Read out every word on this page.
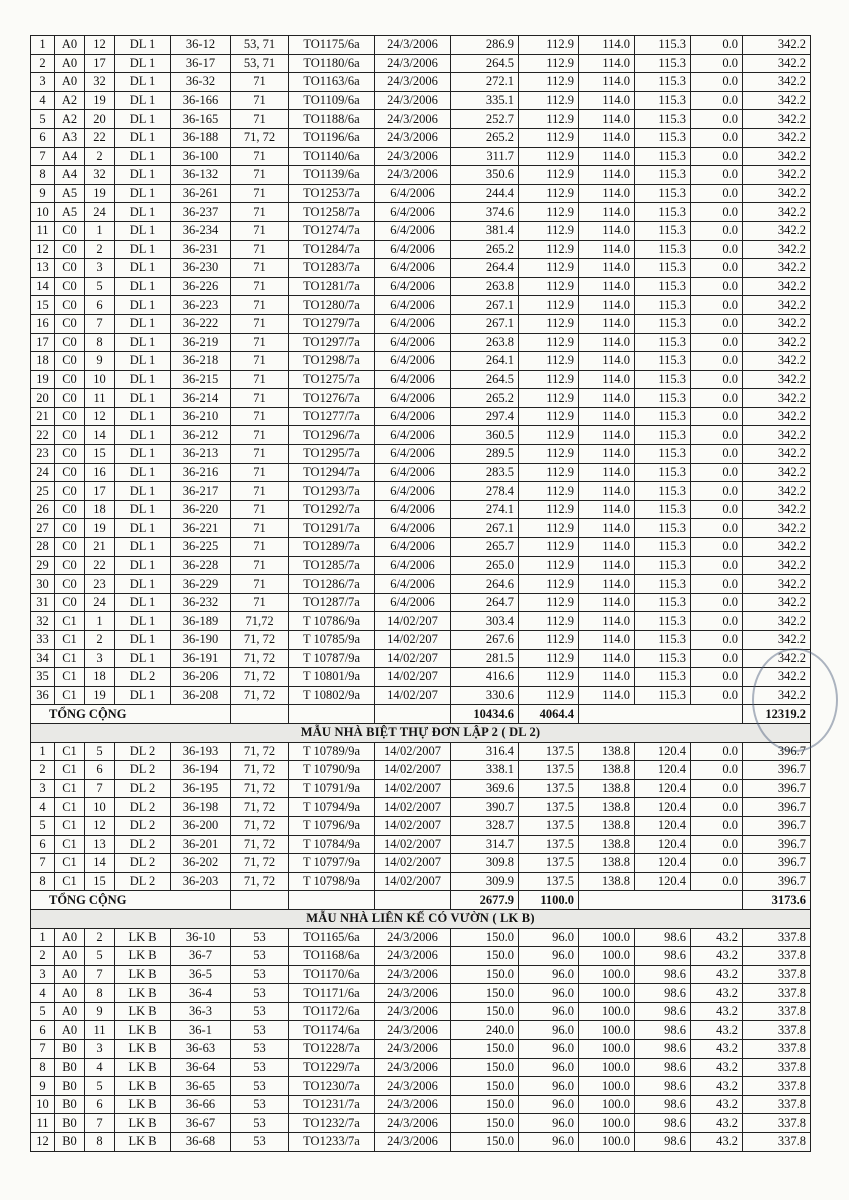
1	A0	12	DL 1	36-12	53, 71	TO1175/6a	24/3/2006	286.9	112.9	114.0	115.3	0.0	342.2
2	A0	17	DL 1	36-17	53, 71	TO1180/6a	24/3/2006	264.5	112.9	114.0	115.3	0.0	342.2
3	A0	32	DL 1	36-32	71	TO1163/6a	24/3/2006	272.1	112.9	114.0	115.3	0.0	342.2
4	A2	19	DL 1	36-166	71	TO1109/6a	24/3/2006	335.1	112.9	114.0	115.3	0.0	342.2
5	A2	20	DL 1	36-165	71	TO1188/6a	24/3/2006	252.7	112.9	114.0	115.3	0.0	342.2
6	A3	22	DL 1	36-188	71, 72	TO1196/6a	24/3/2006	265.2	112.9	114.0	115.3	0.0	342.2
7	A4	2	DL 1	36-100	71	TO1140/6a	24/3/2006	311.7	112.9	114.0	115.3	0.0	342.2
8	A4	32	DL 1	36-132	71	TO1139/6a	24/3/2006	350.6	112.9	114.0	115.3	0.0	342.2
9	A5	19	DL 1	36-261	71	TO1253/7a	6/4/2006	244.4	112.9	114.0	115.3	0.0	342.2
10	A5	24	DL 1	36-237	71	TO1258/7a	6/4/2006	374.6	112.9	114.0	115.3	0.0	342.2
11	C0	1	DL 1	36-234	71	TO1274/7a	6/4/2006	381.4	112.9	114.0	115.3	0.0	342.2
12	C0	2	DL 1	36-231	71	TO1284/7a	6/4/2006	265.2	112.9	114.0	115.3	0.0	342.2
13	C0	3	DL 1	36-230	71	TO1283/7a	6/4/2006	264.4	112.9	114.0	115.3	0.0	342.2
14	C0	5	DL 1	36-226	71	TO1281/7a	6/4/2006	263.8	112.9	114.0	115.3	0.0	342.2
15	C0	6	DL 1	36-223	71	TO1280/7a	6/4/2006	267.1	112.9	114.0	115.3	0.0	342.2
16	C0	7	DL 1	36-222	71	TO1279/7a	6/4/2006	267.1	112.9	114.0	115.3	0.0	342.2
17	C0	8	DL 1	36-219	71	TO1297/7a	6/4/2006	263.8	112.9	114.0	115.3	0.0	342.2
18	C0	9	DL 1	36-218	71	TO1298/7a	6/4/2006	264.1	112.9	114.0	115.3	0.0	342.2
19	C0	10	DL 1	36-215	71	TO1275/7a	6/4/2006	264.5	112.9	114.0	115.3	0.0	342.2
20	C0	11	DL 1	36-214	71	TO1276/7a	6/4/2006	265.2	112.9	114.0	115.3	0.0	342.2
21	C0	12	DL 1	36-210	71	TO1277/7a	6/4/2006	297.4	112.9	114.0	115.3	0.0	342.2
22	C0	14	DL 1	36-212	71	TO1296/7a	6/4/2006	360.5	112.9	114.0	115.3	0.0	342.2
23	C0	15	DL 1	36-213	71	TO1295/7a	6/4/2006	289.5	112.9	114.0	115.3	0.0	342.2
24	C0	16	DL 1	36-216	71	TO1294/7a	6/4/2006	283.5	112.9	114.0	115.3	0.0	342.2
25	C0	17	DL 1	36-217	71	TO1293/7a	6/4/2006	278.4	112.9	114.0	115.3	0.0	342.2
26	C0	18	DL 1	36-220	71	TO1292/7a	6/4/2006	274.1	112.9	114.0	115.3	0.0	342.2
27	C0	19	DL 1	36-221	71	TO1291/7a	6/4/2006	267.1	112.9	114.0	115.3	0.0	342.2
28	C0	21	DL 1	36-225	71	TO1289/7a	6/4/2006	265.7	112.9	114.0	115.3	0.0	342.2
29	C0	22	DL 1	36-228	71	TO1285/7a	6/4/2006	265.0	112.9	114.0	115.3	0.0	342.2
30	C0	23	DL 1	36-229	71	TO1286/7a	6/4/2006	264.6	112.9	114.0	115.3	0.0	342.2
31	C0	24	DL 1	36-232	71	TO1287/7a	6/4/2006	264.7	112.9	114.0	115.3	0.0	342.2
32	C1	1	DL 1	36-189	71,72	T 10786/9a	14/02/207	303.4	112.9	114.0	115.3	0.0	342.2
33	C1	2	DL 1	36-190	71, 72	T 10785/9a	14/02/207	267.6	112.9	114.0	115.3	0.0	342.2
34	C1	3	DL 1	36-191	71, 72	T 10787/9a	14/02/207	281.5	112.9	114.0	115.3	0.0	342.2
35	C1	18	DL 2	36-206	71, 72	T 10801/9a	14/02/207	416.6	112.9	114.0	115.3	0.0	342.2
36	C1	19	DL 1	36-208	71, 72	T 10802/9a	14/02/207	330.6	112.9	114.0	115.3	0.0	342.2
TỔNG CỘNG								10434.6	4064.4				12319.2
MẪU NHÀ BIỆT THỰ ĐƠN LẬP 2 ( DL 2)													
1	C1	5	DL 2	36-193	71, 72	T 10789/9a	14/02/2007	316.4	137.5	138.8	120.4	0.0	396.7
2	C1	6	DL 2	36-194	71, 72	T 10790/9a	14/02/2007	338.1	137.5	138.8	120.4	0.0	396.7
3	C1	7	DL 2	36-195	71, 72	T 10791/9a	14/02/2007	369.6	137.5	138.8	120.4	0.0	396.7
4	C1	10	DL 2	36-198	71, 72	T 10794/9a	14/02/2007	390.7	137.5	138.8	120.4	0.0	396.7
5	C1	12	DL 2	36-200	71, 72	T 10796/9a	14/02/2007	328.7	137.5	138.8	120.4	0.0	396.7
6	C1	13	DL 2	36-201	71, 72	T 10784/9a	14/02/2007	314.7	137.5	138.8	120.4	0.0	396.7
7	C1	14	DL 2	36-202	71, 72	T 10797/9a	14/02/2007	309.8	137.5	138.8	120.4	0.0	396.7
8	C1	15	DL 2	36-203	71, 72	T 10798/9a	14/02/2007	309.9	137.5	138.8	120.4	0.0	396.7
TỔNG CỘNG								2677.9	1100.0				3173.6
MẪU NHÀ LIÊN KẾ CÓ VƯỜN ( LK B)													
1	A0	2	LK B	36-10	53	TO1165/6a	24/3/2006	150.0	96.0	100.0	98.6	43.2	337.8
2	A0	5	LK B	36-7	53	TO1168/6a	24/3/2006	150.0	96.0	100.0	98.6	43.2	337.8
3	A0	7	LK B	36-5	53	TO1170/6a	24/3/2006	150.0	96.0	100.0	98.6	43.2	337.8
4	A0	8	LK B	36-4	53	TO1171/6a	24/3/2006	150.0	96.0	100.0	98.6	43.2	337.8
5	A0	9	LK B	36-3	53	TO1172/6a	24/3/2006	150.0	96.0	100.0	98.6	43.2	337.8
6	A0	11	LK B	36-1	53	TO1174/6a	24/3/2006	240.0	96.0	100.0	98.6	43.2	337.8
7	B0	3	LK B	36-63	53	TO1228/7a	24/3/2006	150.0	96.0	100.0	98.6	43.2	337.8
8	B0	4	LK B	36-64	53	TO1229/7a	24/3/2006	150.0	96.0	100.0	98.6	43.2	337.8
9	B0	5	LK B	36-65	53	TO1230/7a	24/3/2006	150.0	96.0	100.0	98.6	43.2	337.8
10	B0	6	LK B	36-66	53	TO1231/7a	24/3/2006	150.0	96.0	100.0	98.6	43.2	337.8
11	B0	7	LK B	36-67	53	TO1232/7a	24/3/2006	150.0	96.0	100.0	98.6	43.2	337.8
12	B0	8	LK B	36-68	53	TO1233/7a	24/3/2006	150.0	96.0	100.0	98.6	43.2	337.8
